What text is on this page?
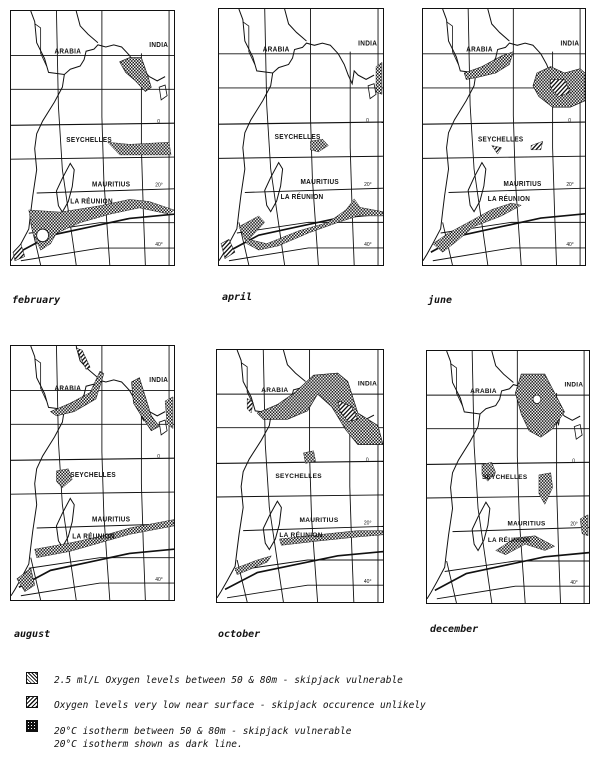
ARABIA
INDIA
SEYCHELLES
MAURITIUS
LA RÉUNION
0
20°
40°
february
ARABIA
INDIA
SEYCHELLES
MAURITIUS
LA RÉUNION
0
20°
40°
april
ARABIA
INDIA
SEYCHELLES
MAURITIUS
LA RÉUNION
0
20°
40°
june
ARABIA
INDIA
SEYCHELLES
MAURITIUS
LA RÉUNION
0
40°
august
ARABIA
INDIA
SEYCHELLES
MAURITIUS
LA RÉUNION
0
20°
40°
october
ARABIA
INDIA
SEYCHELLES
MAURITIUS
LA RÉUNION
0
20°
40°
december
2.5 ml/L Oxygen levels between 50 & 80m - skipjack vulnerable
Oxygen levels very low near surface - skipjack occurence unlikely
20°C isotherm between 50 & 80m - skipjack vulnerable
20°C isotherm shown as dark line.
